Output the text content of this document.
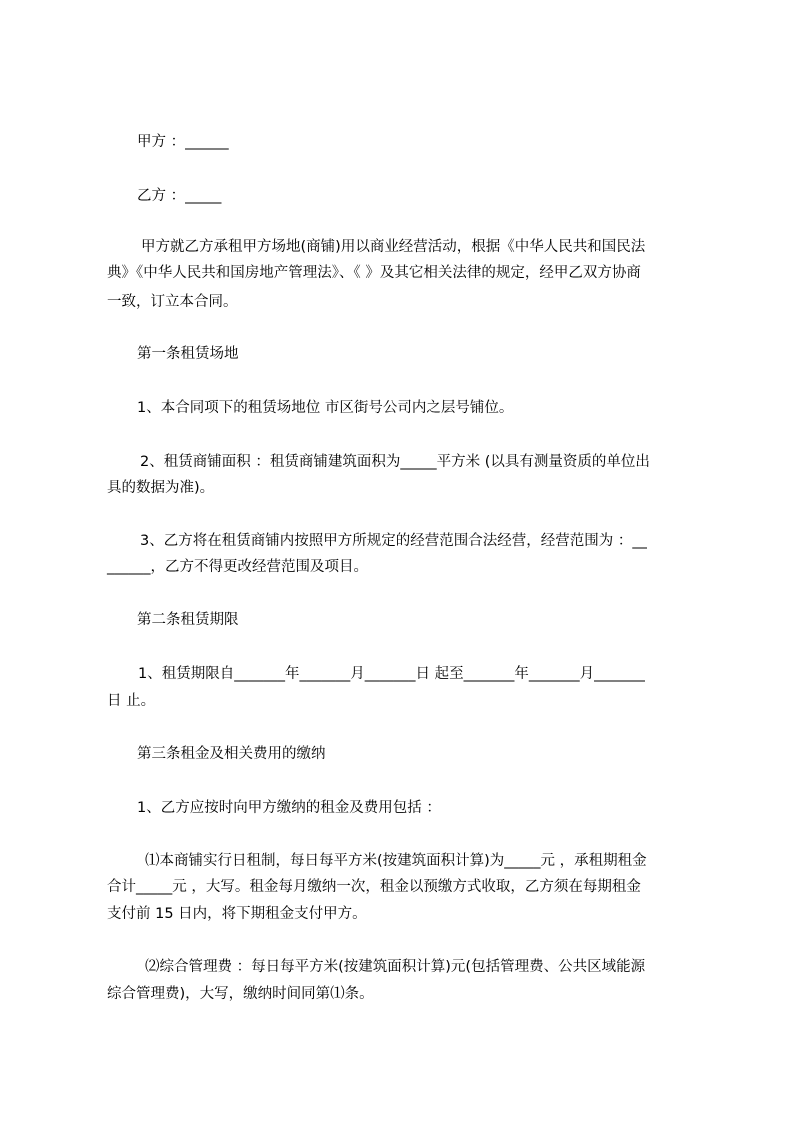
甲方 ：______

乙方 ：_____

甲方就乙方承租甲方场地(商铺)用以商业经营活动，根据《中华人民共和国民法

典》《中华人民共和国房地产管理法》、《 》及其它相关法律的规定，经甲乙双方协商

一致，订立本合同。

第一条租赁场地

1、本合同项下的租赁场地位 市区街号公司内之层号铺位。

2、租赁商铺面积 ：租赁商铺建筑面积为_____平方米 (以具有测量资质的单位出

具的数据为准)。

3、乙方将在租赁商铺内按照甲方所规定的经营范围合法经营，经营范围为 ：__

______，乙方不得更改经营范围及项目。

第二条租赁期限

1、租赁期限自_______年_______月_______日 起至_______年_______月_______

日 止。

第三条租金及相关费用的缴纳

1、乙方应按时向甲方缴纳的租金及费用包括 ：

⑴本商铺实行日租制，每日每平方米(按建筑面积计算)为_____元 ，承租期租金

合计_____元 ，大写。租金每月缴纳一次，租金以预缴方式收取，乙方须在每期租金

支付前 15 日内，将下期租金支付甲方。

⑵综合管理费 ：每日每平方米(按建筑面积计算)元(包括管理费、公共区域能源

综合管理费)，大写，缴纳时间同第⑴条。
